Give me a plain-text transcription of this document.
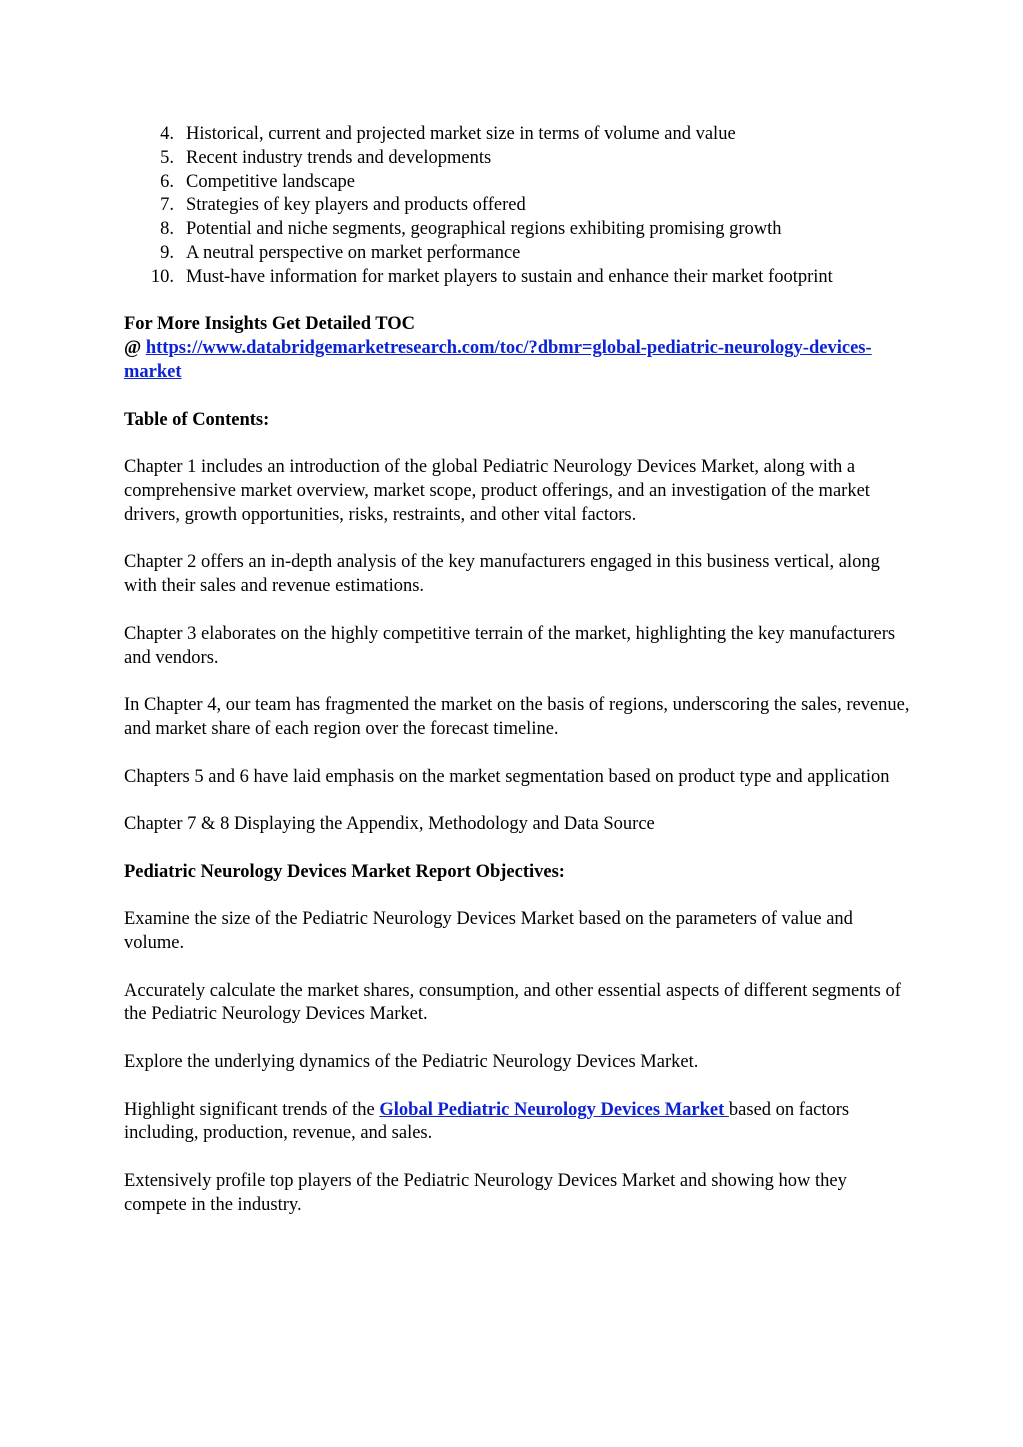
4. Historical, current and projected market size in terms of volume and value
5. Recent industry trends and developments
6. Competitive landscape
7. Strategies of key players and products offered
8. Potential and niche segments, geographical regions exhibiting promising growth
9. A neutral perspective on market performance
10. Must-have information for market players to sustain and enhance their market footprint
For More Insights Get Detailed TOC
@ https://www.databridgemarketresearch.com/toc/?dbmr=global-pediatric-neurology-devices-market

Table of Contents:

Chapter 1 includes an introduction of the global Pediatric Neurology Devices Market, along with a comprehensive market overview, market scope, product offerings, and an investigation of the market drivers, growth opportunities, risks, restraints, and other vital factors.

Chapter 2 offers an in-depth analysis of the key manufacturers engaged in this business vertical, along with their sales and revenue estimations.

Chapter 3 elaborates on the highly competitive terrain of the market, highlighting the key manufacturers and vendors.

In Chapter 4, our team has fragmented the market on the basis of regions, underscoring the sales, revenue, and market share of each region over the forecast timeline.

Chapters 5 and 6 have laid emphasis on the market segmentation based on product type and application

Chapter 7 & 8 Displaying the Appendix, Methodology and Data Source

Pediatric Neurology Devices Market Report Objectives:

Examine the size of the Pediatric Neurology Devices Market based on the parameters of value and volume.

Accurately calculate the market shares, consumption, and other essential aspects of different segments of the Pediatric Neurology Devices Market.

Explore the underlying dynamics of the Pediatric Neurology Devices Market.

Highlight significant trends of the Global Pediatric Neurology Devices Market based on factors including, production, revenue, and sales.

Extensively profile top players of the Pediatric Neurology Devices Market and showing how they compete in the industry.
